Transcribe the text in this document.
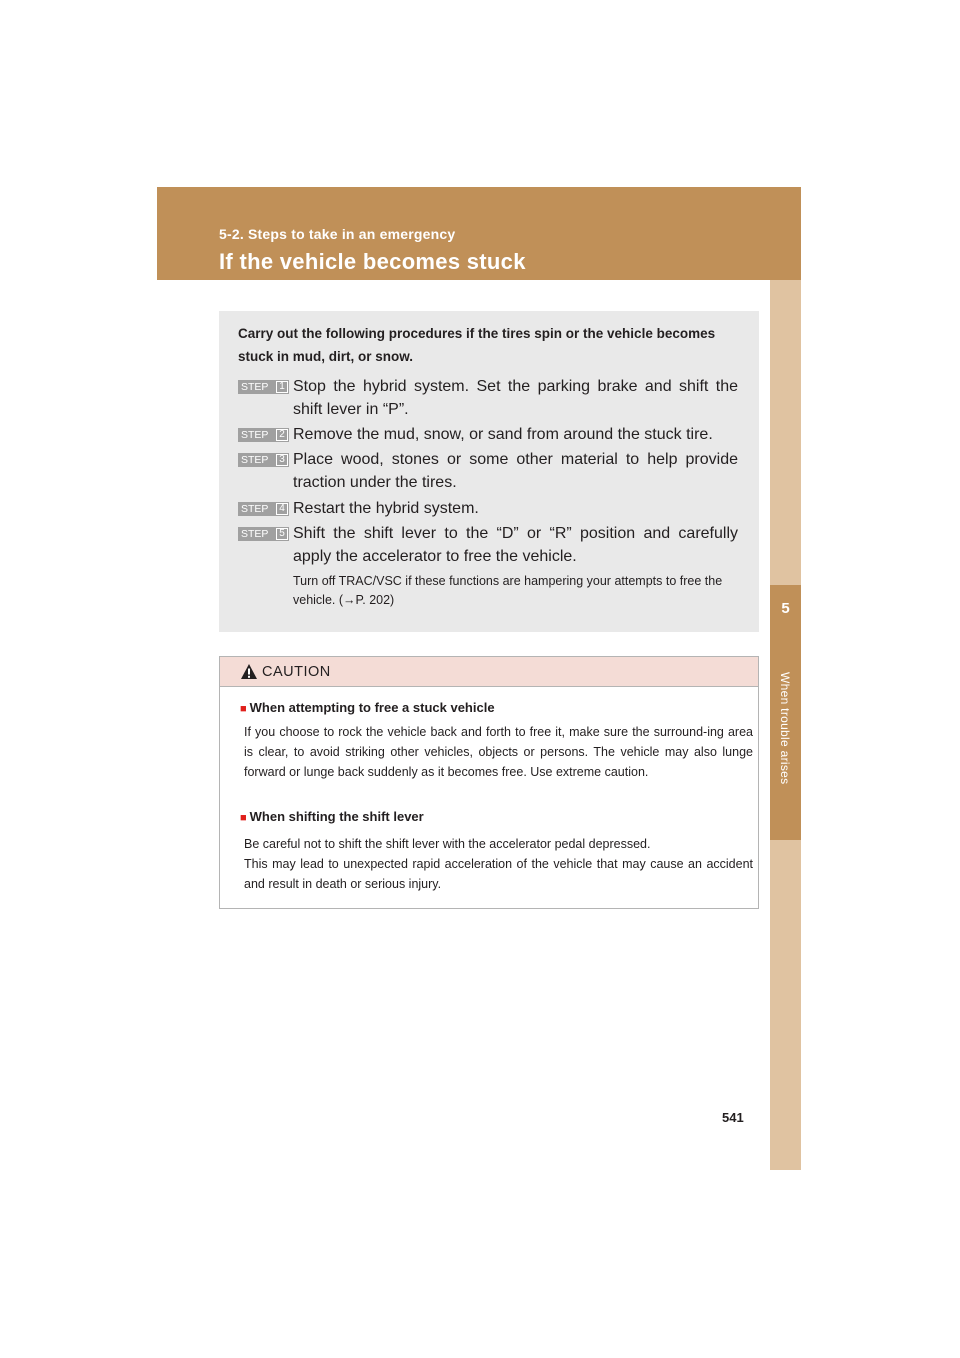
5-2. Steps to take in an emergency
If the vehicle becomes stuck
5
When trouble arises
Carry out the following procedures if the tires spin or the vehicle becomes stuck in mud, dirt, or snow.
STEP	1 Stop the hybrid system. Set the parking brake and shift the shift lever in “P”.
STEP	2 Remove the mud, snow, or sand from around the stuck tire.
STEP	3 Place wood, stones or some other material to help provide traction under the tires.
STEP	4 Restart the hybrid system.
STEP	5 Shift the shift lever to the “D” or “R” position and carefully apply the accelerator to free the vehicle.
Turn off TRAC/VSC if these functions are hampering your attempts to free the vehicle. (→P. 202)
CAUTION
■ When attempting to free a stuck vehicle
If you choose to rock the vehicle back and forth to free it, make sure the surround-ing area is clear, to avoid striking other vehicles, objects or persons. The vehicle may also lunge forward or lunge back suddenly as it becomes free. Use extreme caution.
■ When shifting the shift lever
Be careful not to shift the shift lever with the accelerator pedal depressed.
This may lead to unexpected rapid acceleration of the vehicle that may cause an accident and result in death or serious injury.
541
